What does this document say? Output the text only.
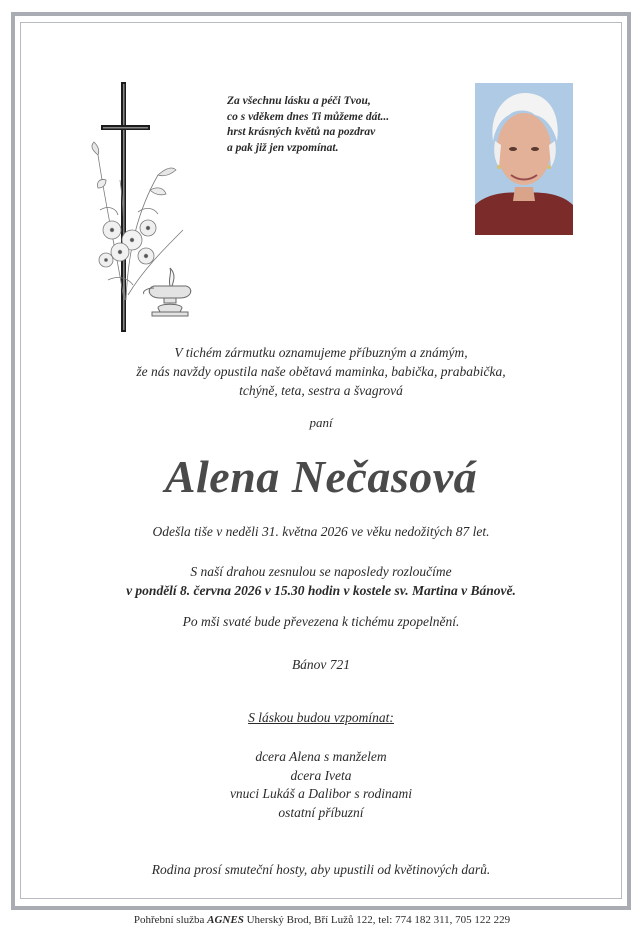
Za všechnu lásku a péči Tvou,
co s vděkem dnes Ti můžeme dát...
hrst krásných květů na pozdrav
a pak již jen vzpomínat.
V tichém zármutku oznamujeme příbuzným a známým,
že nás navždy opustila naše obětavá maminka, babička, prababička,
tchýně, teta, sestra a švagrová
paní
Alena Nečasová
Odešla tiše v neděli 31. května 2026 ve věku nedožitých 87 let.
S naší drahou zesnulou se naposledy rozloučíme
v pondělí 8. června 2026 v 15.30 hodin v kostele sv. Martina v Bánově.
Po mši svaté bude převezena k tichému zpopelnění.
Bánov 721
S láskou budou vzpomínat:
dcera Alena s manželem
dcera Iveta
vnuci Lukáš a Dalibor s rodinami
ostatní příbuzní
Rodina prosí smuteční hosty, aby upustili od květinových darů.
Pohřební služba AGNES Uherský Brod, Bří Lužů 122, tel: 774 182 311, 705 122 229
